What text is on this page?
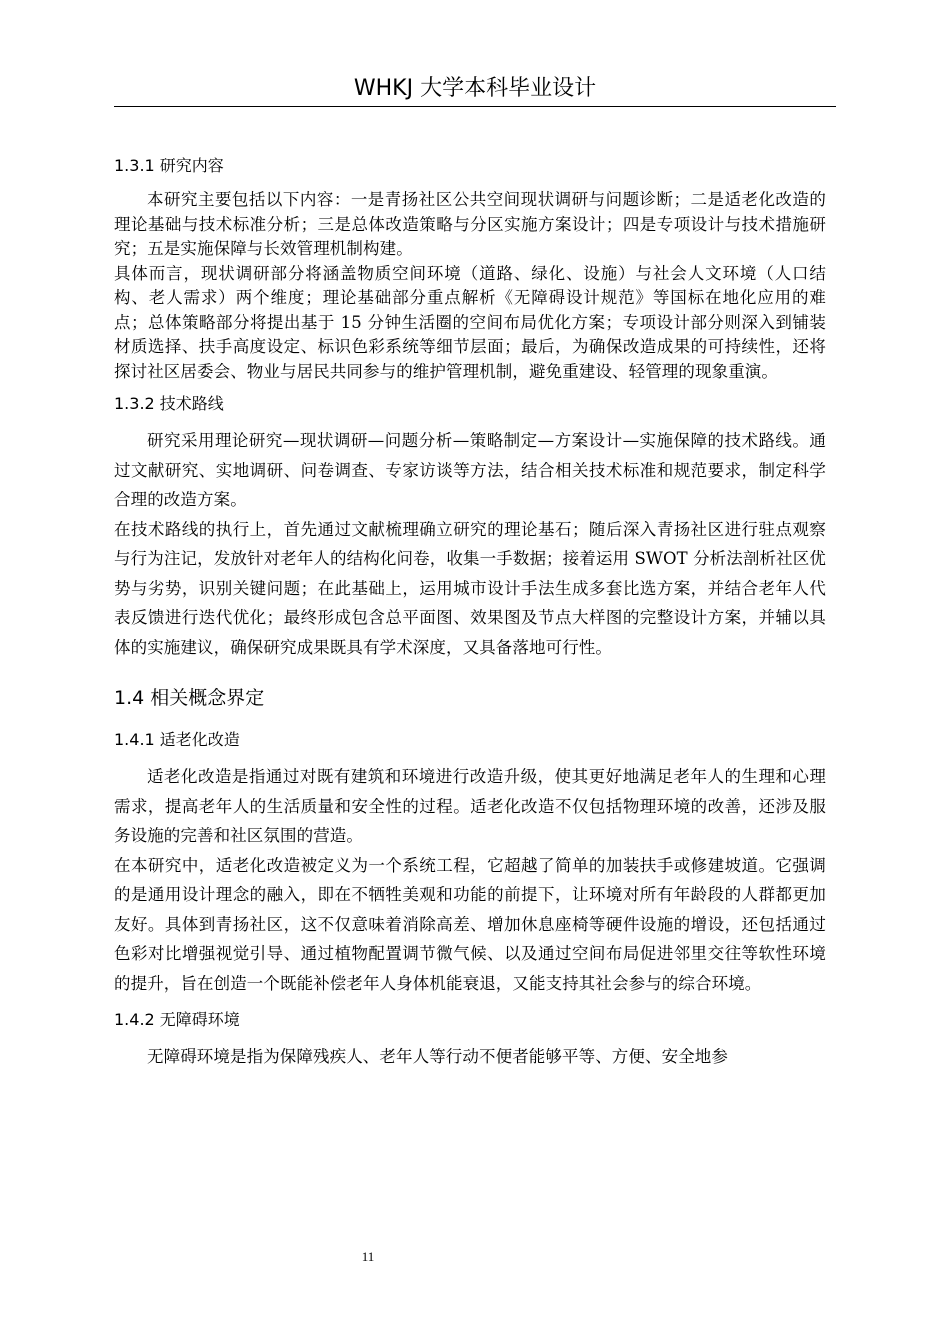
WHKJ 大学本科毕业设计
1.3.1 研究内容
本研究主要包括以下内容：一是青扬社区公共空间现状调研与问题诊断；二是适老化改造的理论基础与技术标准分析；三是总体改造策略与分区实施方案设计；四是专项设计与技术措施研究；五是实施保障与长效管理机制构建。
具体而言，现状调研部分将涵盖物质空间环境（道路、绿化、设施）与社会人文环境（人口结构、老人需求）两个维度；理论基础部分重点解析《无障碍设计规范》等国标在地化应用的难点；总体策略部分将提出基于 15 分钟生活圈的空间布局优化方案；专项设计部分则深入到铺装材质选择、扶手高度设定、标识色彩系统等细节层面；最后，为确保改造成果的可持续性，还将探讨社区居委会、物业与居民共同参与的维护管理机制，避免重建设、轻管理的现象重演。
1.3.2 技术路线
研究采用理论研究—现状调研—问题分析—策略制定—方案设计—实施保障的技术路线。通过文献研究、实地调研、问卷调查、专家访谈等方法，结合相关技术标准和规范要求，制定科学合理的改造方案。
在技术路线的执行上，首先通过文献梳理确立研究的理论基石；随后深入青扬社区进行驻点观察与行为注记，发放针对老年人的结构化问卷，收集一手数据；接着运用 SWOT 分析法剖析社区优势与劣势，识别关键问题；在此基础上，运用城市设计手法生成多套比选方案，并结合老年人代表反馈进行迭代优化；最终形成包含总平面图、效果图及节点大样图的完整设计方案，并辅以具体的实施建议，确保研究成果既具有学术深度，又具备落地可行性。
1.4 相关概念界定
1.4.1 适老化改造
适老化改造是指通过对既有建筑和环境进行改造升级，使其更好地满足老年人的生理和心理需求，提高老年人的生活质量和安全性的过程。适老化改造不仅包括物理环境的改善，还涉及服务设施的完善和社区氛围的营造。
在本研究中，适老化改造被定义为一个系统工程，它超越了简单的加装扶手或修建坡道。它强调的是通用设计理念的融入，即在不牺牲美观和功能的前提下，让环境对所有年龄段的人群都更加友好。具体到青扬社区，这不仅意味着消除高差、增加休息座椅等硬件设施的增设，还包括通过色彩对比增强视觉引导、通过植物配置调节微气候、以及通过空间布局促进邻里交往等软性环境的提升，旨在创造一个既能补偿老年人身体机能衰退，又能支持其社会参与的综合环境。
1.4.2 无障碍环境
无障碍环境是指为保障残疾人、老年人等行动不便者能够平等、方便、安全地参
11
